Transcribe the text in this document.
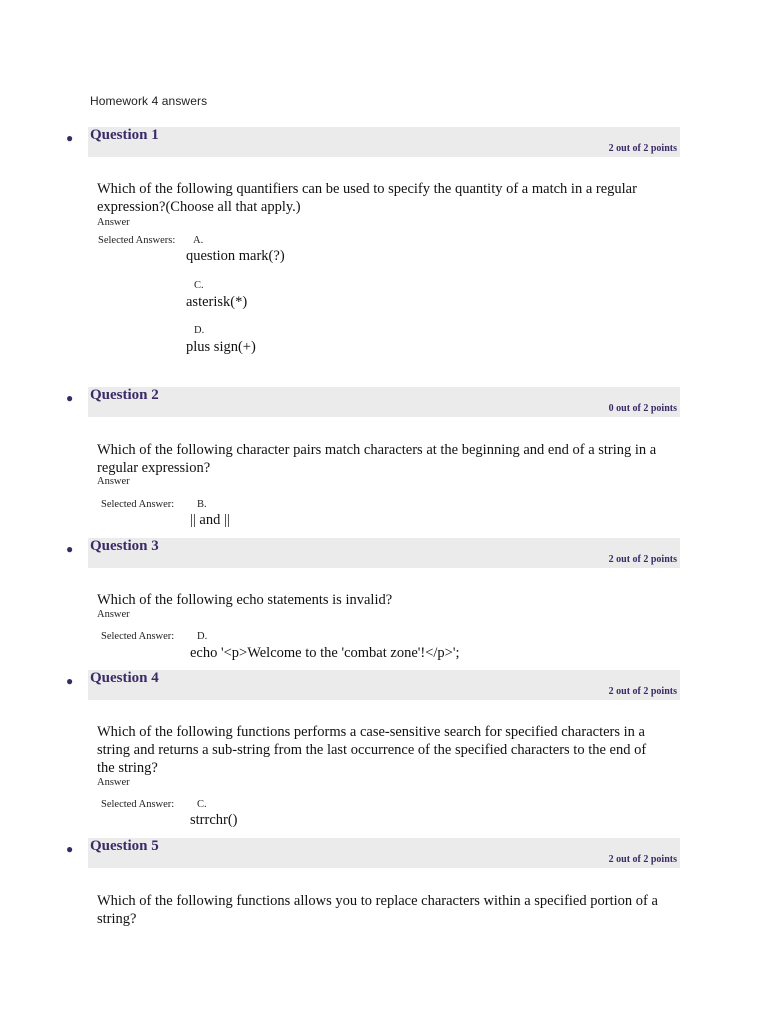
Homework 4 answers
● Question 1
2 out of 2 points
Which of the following quantifiers can be used to specify the quantity of a match in a regular expression?(Choose all that apply.)
Answer
Selected Answers: A.
question mark(?)
C.
asterisk(*)
D.
plus sign(+)
● Question 2
0 out of 2 points
Which of the following character pairs match characters at the beginning and end of a string in a regular expression?
Answer
Selected Answer: B.
|| and ||
● Question 3
2 out of 2 points
Which of the following echo statements is invalid?
Answer
Selected Answer: D.
echo '<p>Welcome to the 'combat zone'!</p>';
● Question 4
2 out of 2 points
Which of the following functions performs a case-sensitive search for specified characters in a string and returns a sub-string from the last occurrence of the specified characters to the end of the string?
Answer
Selected Answer: C.
strrchr()
● Question 5
2 out of 2 points
Which of the following functions allows you to replace characters within a specified portion of a string?
